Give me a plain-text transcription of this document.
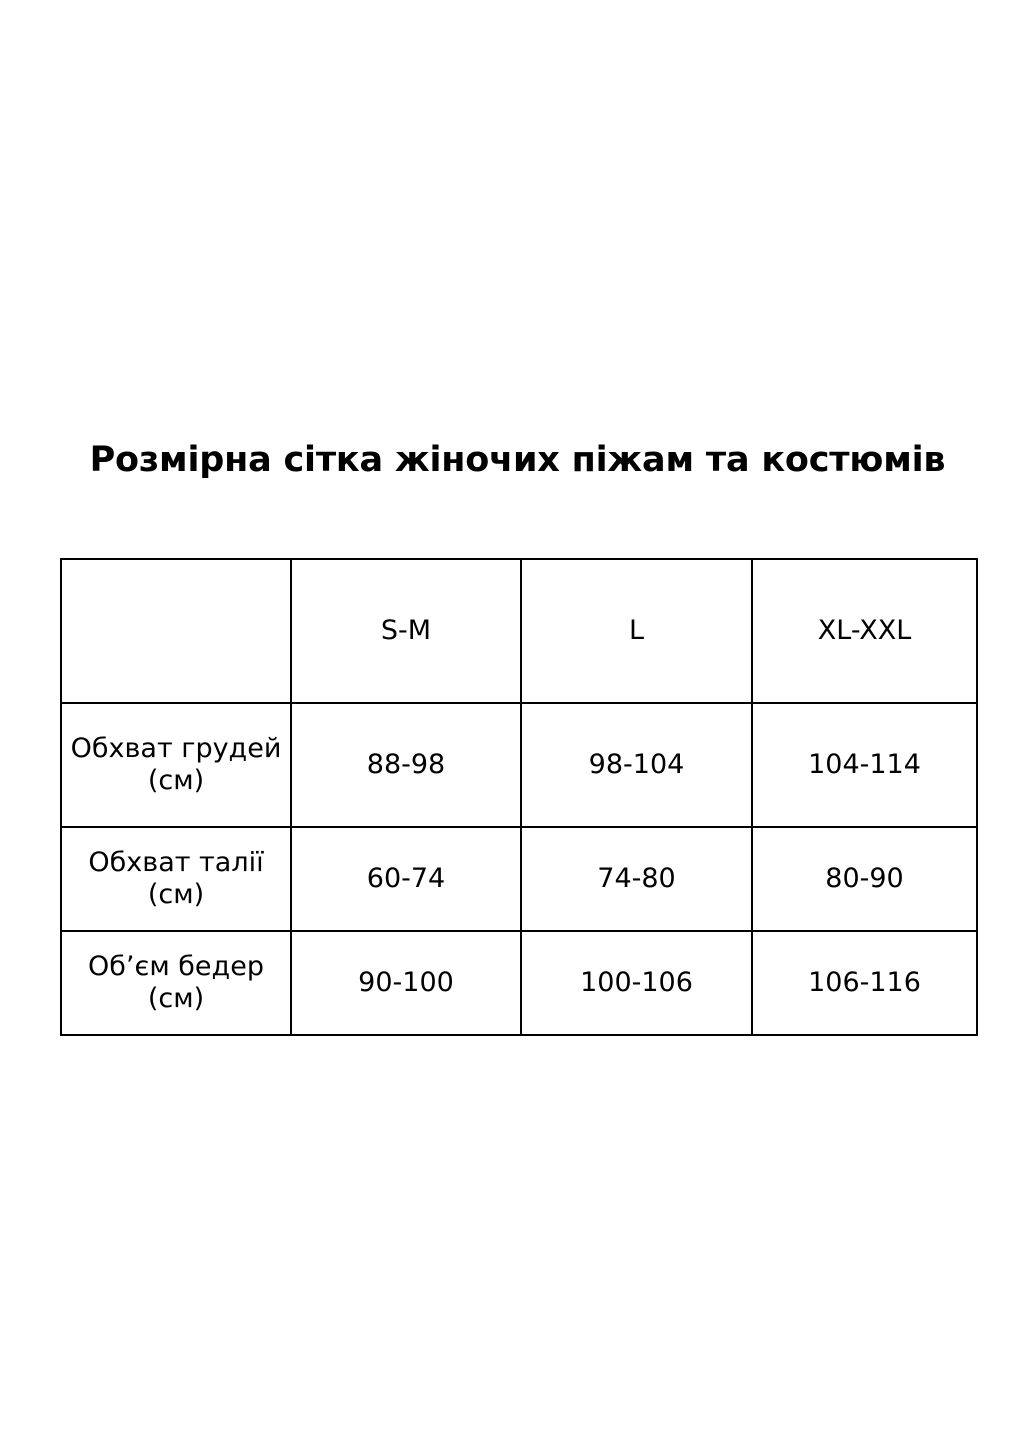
Розмірна сітка жіночих піжам та костюмів
	S-M	L	XL-XXL
Обхват грудей (см)	88-98	98-104	104-114
Обхват талії (см)	60-74	74-80	80-90
Об’єм бедер (см)	90-100	100-106	106-116
